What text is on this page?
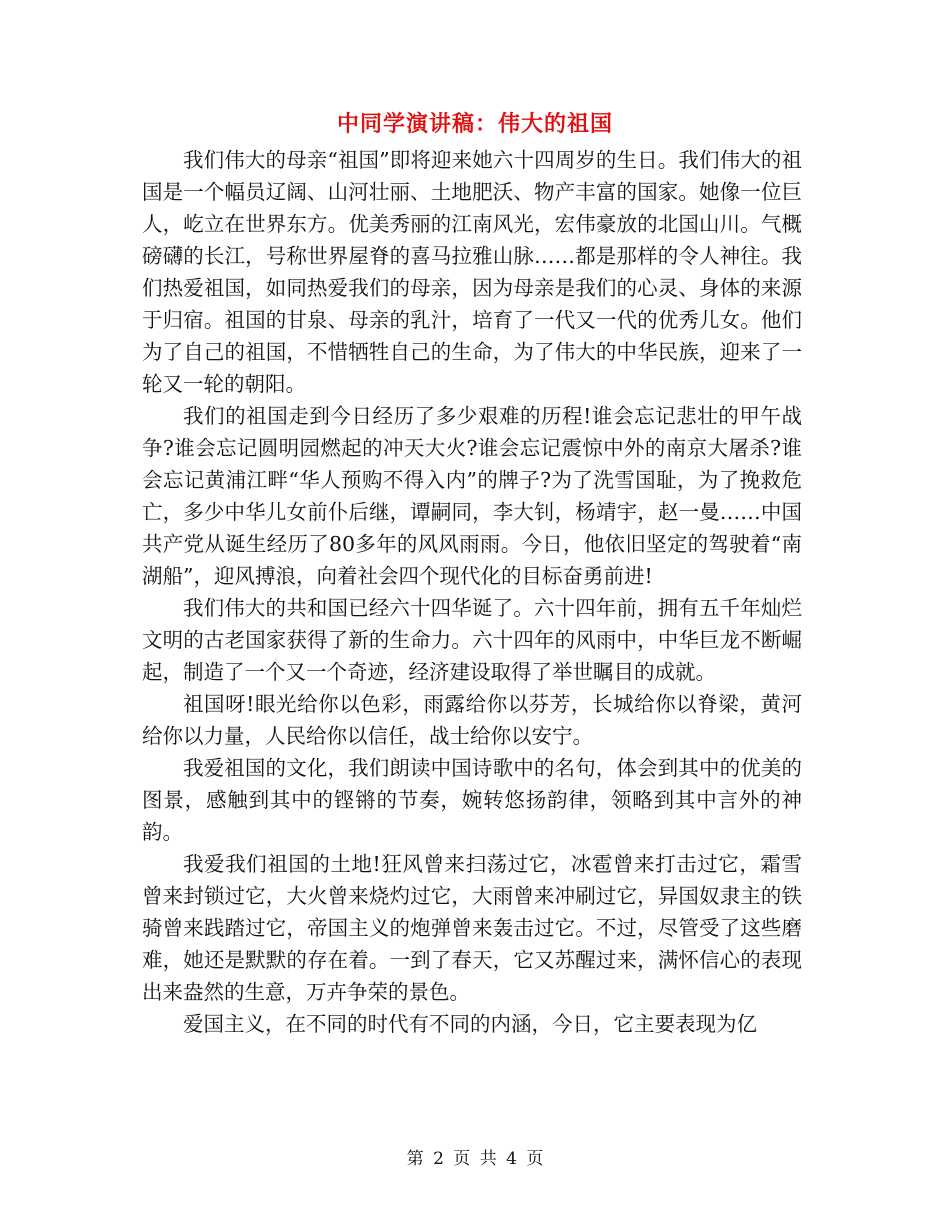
中同学演讲稿：伟大的祖国

我们伟大的母亲“祖国”即将迎来她六十四周岁的生日。我们伟大的祖国是一个幅员辽阔、山河壮丽、土地肥沃、物产丰富的国家。她像一位巨人，屹立在世界东方。优美秀丽的江南风光，宏伟豪放的北国山川。气概磅礴的长江，号称世界屋脊的喜马拉雅山脉……都是那样的令人神往。我们热爱祖国，如同热爱我们的母亲，因为母亲是我们的心灵、身体的来源于归宿。祖国的甘泉、母亲的乳汁，培育了一代又一代的优秀儿女。他们为了自己的祖国，不惜牺牲自己的生命，为了伟大的中华民族，迎来了一轮又一轮的朝阳。

我们的祖国走到今日经历了多少艰难的历程!谁会忘记悲壮的甲午战争?谁会忘记圆明园燃起的冲天大火?谁会忘记震惊中外的南京大屠杀?谁会忘记黄浦江畔“华人预购不得入内”的牌子?为了洗雪国耻，为了挽救危亡，多少中华儿女前仆后继，谭嗣同，李大钊，杨靖宇，赵一曼……中国共产党从诞生经历了80多年的风风雨雨。今日，他依旧坚定的驾驶着“南湖船”，迎风搏浪，向着社会四个现代化的目标奋勇前进!

我们伟大的共和国已经六十四华诞了。六十四年前，拥有五千年灿烂文明的古老国家获得了新的生命力。六十四年的风雨中，中华巨龙不断崛起，制造了一个又一个奇迹，经济建设取得了举世瞩目的成就。

祖国呀!眼光给你以色彩，雨露给你以芬芳，长城给你以脊梁，黄河给你以力量，人民给你以信任，战士给你以安宁。

我爱祖国的文化，我们朗读中国诗歌中的名句，体会到其中的优美的图景，感触到其中的铿锵的节奏，婉转悠扬韵律，领略到其中言外的神韵。

我爱我们祖国的土地!狂风曾来扫荡过它，冰雹曾来打击过它，霜雪曾来封锁过它，大火曾来烧灼过它，大雨曾来冲刷过它，异国奴隶主的铁骑曾来践踏过它，帝国主义的炮弹曾来轰击过它。不过，尽管受了这些磨难，她还是默默的存在着。一到了春天，它又苏醒过来，满怀信心的表现出来盎然的生意，万卉争荣的景色。

爱国主义，在不同的时代有不同的内涵，今日，它主要表现为亿

第 2 页 共 4 页
